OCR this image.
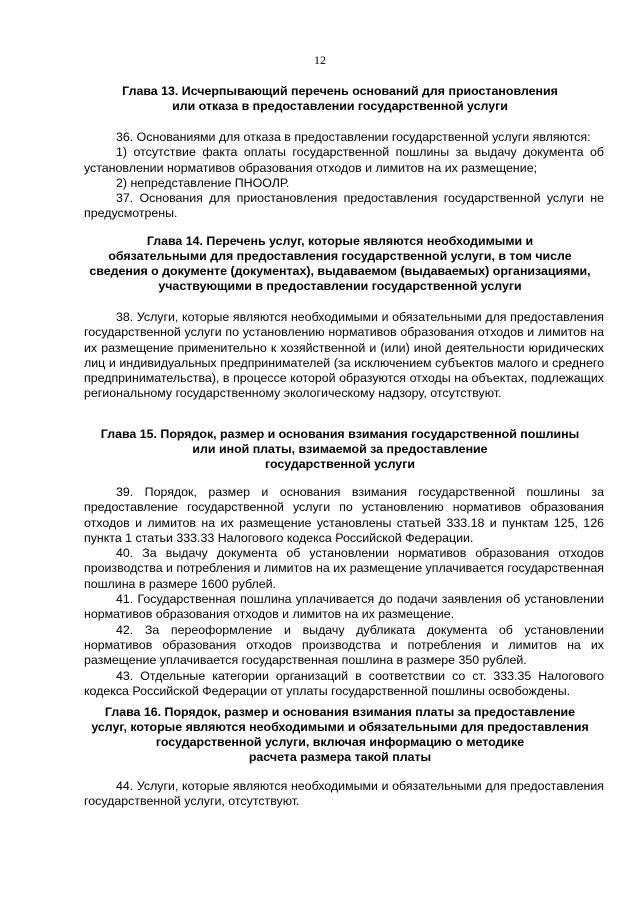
12
Глава 13. Исчерпывающий перечень оснований для приостановления
или отказа в предоставлении государственной услуги

36. Основаниями для отказа в предоставлении государственной услуги являются:

1) отсутствие факта оплаты государственной пошлины за выдачу документа об установлении нормативов образования отходов и лимитов на их размещение;

2) непредставление ПНООЛР.

37. Основания для приостановления предоставления государственной услуги не предусмотрены.

Глава 14. Перечень услуг, которые являются необходимыми и
обязательными для предоставления государственной услуги, в том числе
сведения о документе (документах), выдаваемом (выдаваемых) организациями,
участвующими в предоставлении государственной услуги

38. Услуги, которые являются необходимыми и обязательными для предоставления государственной услуги по установлению нормативов образования отходов и лимитов на их размещение применительно к хозяйственной и (или) иной деятельности юридических лиц и индивидуальных предпринимателей (за исключением субъектов малого и среднего предпринимательства), в процессе которой образуются отходы на объектах, подлежащих региональному государственному экологическому надзору, отсутствуют.

Глава 15. Порядок, размер и основания взимания государственной пошлины
или иной платы, взимаемой за предоставление
государственной услуги

39. Порядок, размер и основания взимания государственной пошлины за предоставление государственной услуги по установлению нормативов образования отходов и лимитов на их размещение установлены статьей 333.18 и пунктам 125, 126 пункта 1 статьи 333.33 Налогового кодекса Российской Федерации.

40. За выдачу документа об установлении нормативов образования отходов производства и потребления и лимитов на их размещение уплачивается государственная пошлина в размере 1600 рублей.

41. Государственная пошлина уплачивается до подачи заявления об установлении нормативов образования отходов и лимитов на их размещение.

42. За переоформление и выдачу дубликата документа об установлении нормативов образования отходов производства и потребления и лимитов на их размещение уплачивается государственная пошлина в размере 350 рублей.

43. Отдельные категории организаций в соответствии со ст. 333.35 Налогового кодекса Российской Федерации от уплаты государственной пошлины освобождены.

Глава 16. Порядок, размер и основания взимания платы за предоставление
услуг, которые являются необходимыми и обязательными для предоставления
государственной услуги, включая информацию о методике
расчета размера такой платы

44. Услуги, которые являются необходимыми и обязательными для предоставления государственной услуги, отсутствуют.
